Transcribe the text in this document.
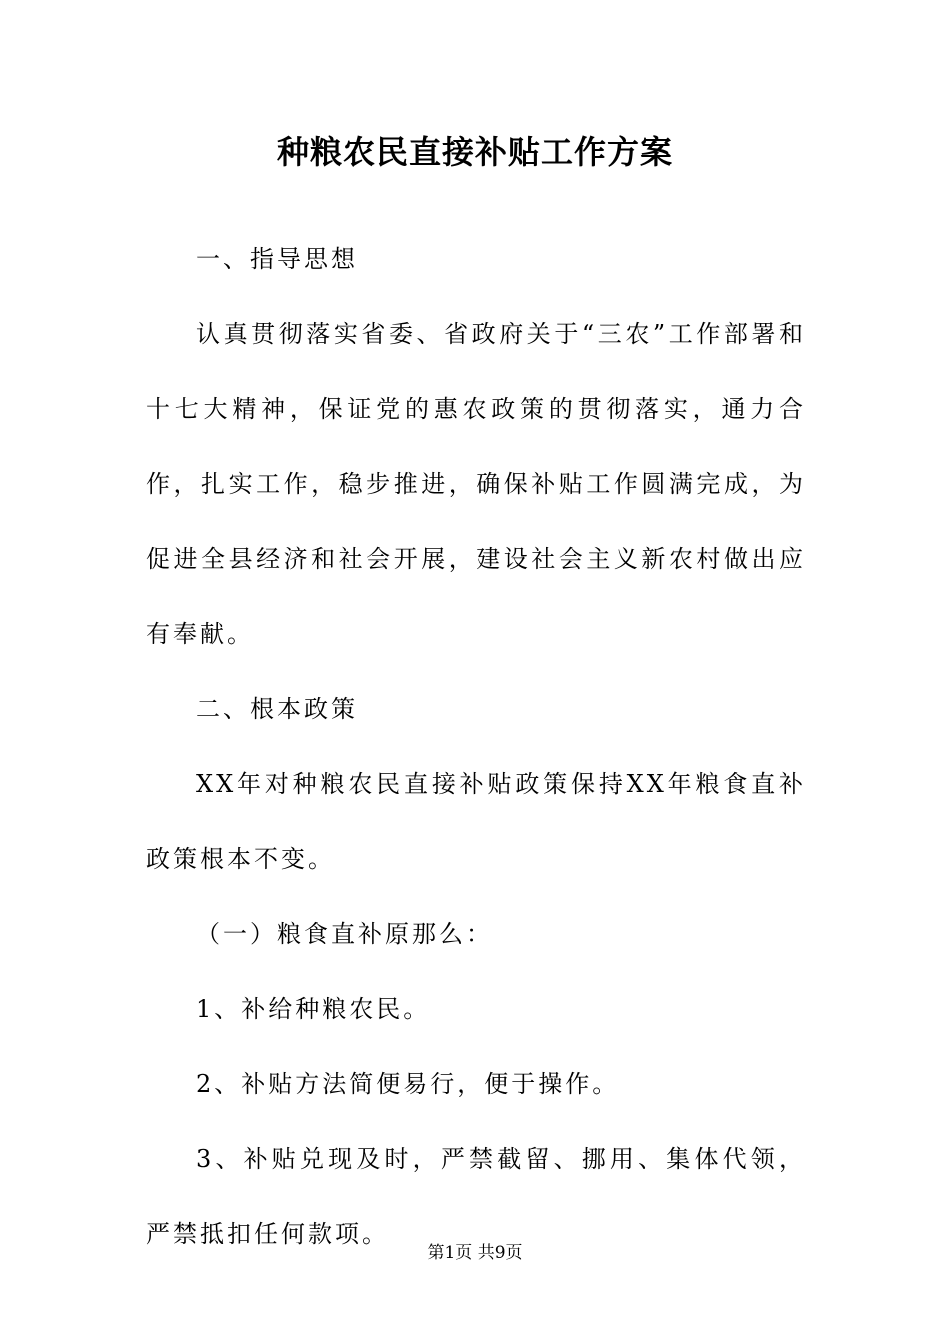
种粮农民直接补贴工作方案

一、指导思想

认真贯彻落实省委、省政府关于“三农”工作部署和十七大精神，保证党的惠农政策的贯彻落实，通力合作，扎实工作，稳步推进，确保补贴工作圆满完成，为促进全县经济和社会开展，建设社会主义新农村做出应有奉献。

二、根本政策

XX年对种粮农民直接补贴政策保持XX年粮食直补政策根本不变。

（一）粮食直补原那么：

1、补给种粮农民。

2、补贴方法简便易行，便于操作。

3、补贴兑现及时，严禁截留、挪用、集体代领，严禁抵扣任何款项。

第1页 共9页
